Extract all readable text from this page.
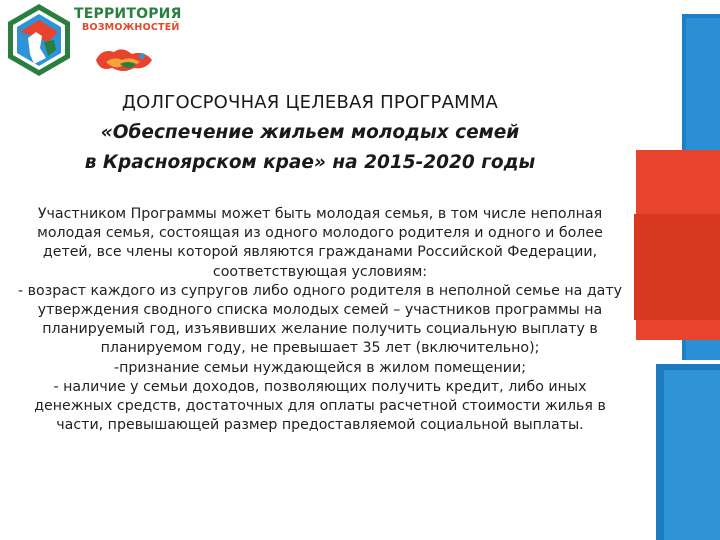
ТЕРРИТОРИЯ
ВОЗМОЖНОСТЕЙ
ДОЛГОСРОЧНАЯ ЦЕЛЕВАЯ ПРОГРАММА
«Обеспечение жильем молодых семей
в Красноярском крае» на 2015-2020 годы

Участником Программы может быть молодая семья, в том числе неполная молодая семья, состоящая из одного молодого родителя и одного и более детей, все члены которой являются гражданами Российской Федерации, соответствующая условиям:

- возраст каждого из супругов либо одного родителя в неполной семье на дату утверждения сводного списка молодых семей – участников программы на планируемый год, изъявивших желание получить социальную выплату в планируемом году, не превышает 35 лет (включительно);

-признание семьи нуждающейся в жилом помещении;

- наличие у семьи доходов, позволяющих получить кредит, либо иных денежных средств, достаточных для оплаты расчетной стоимости жилья в части, превышающей размер предоставляемой социальной выплаты.
